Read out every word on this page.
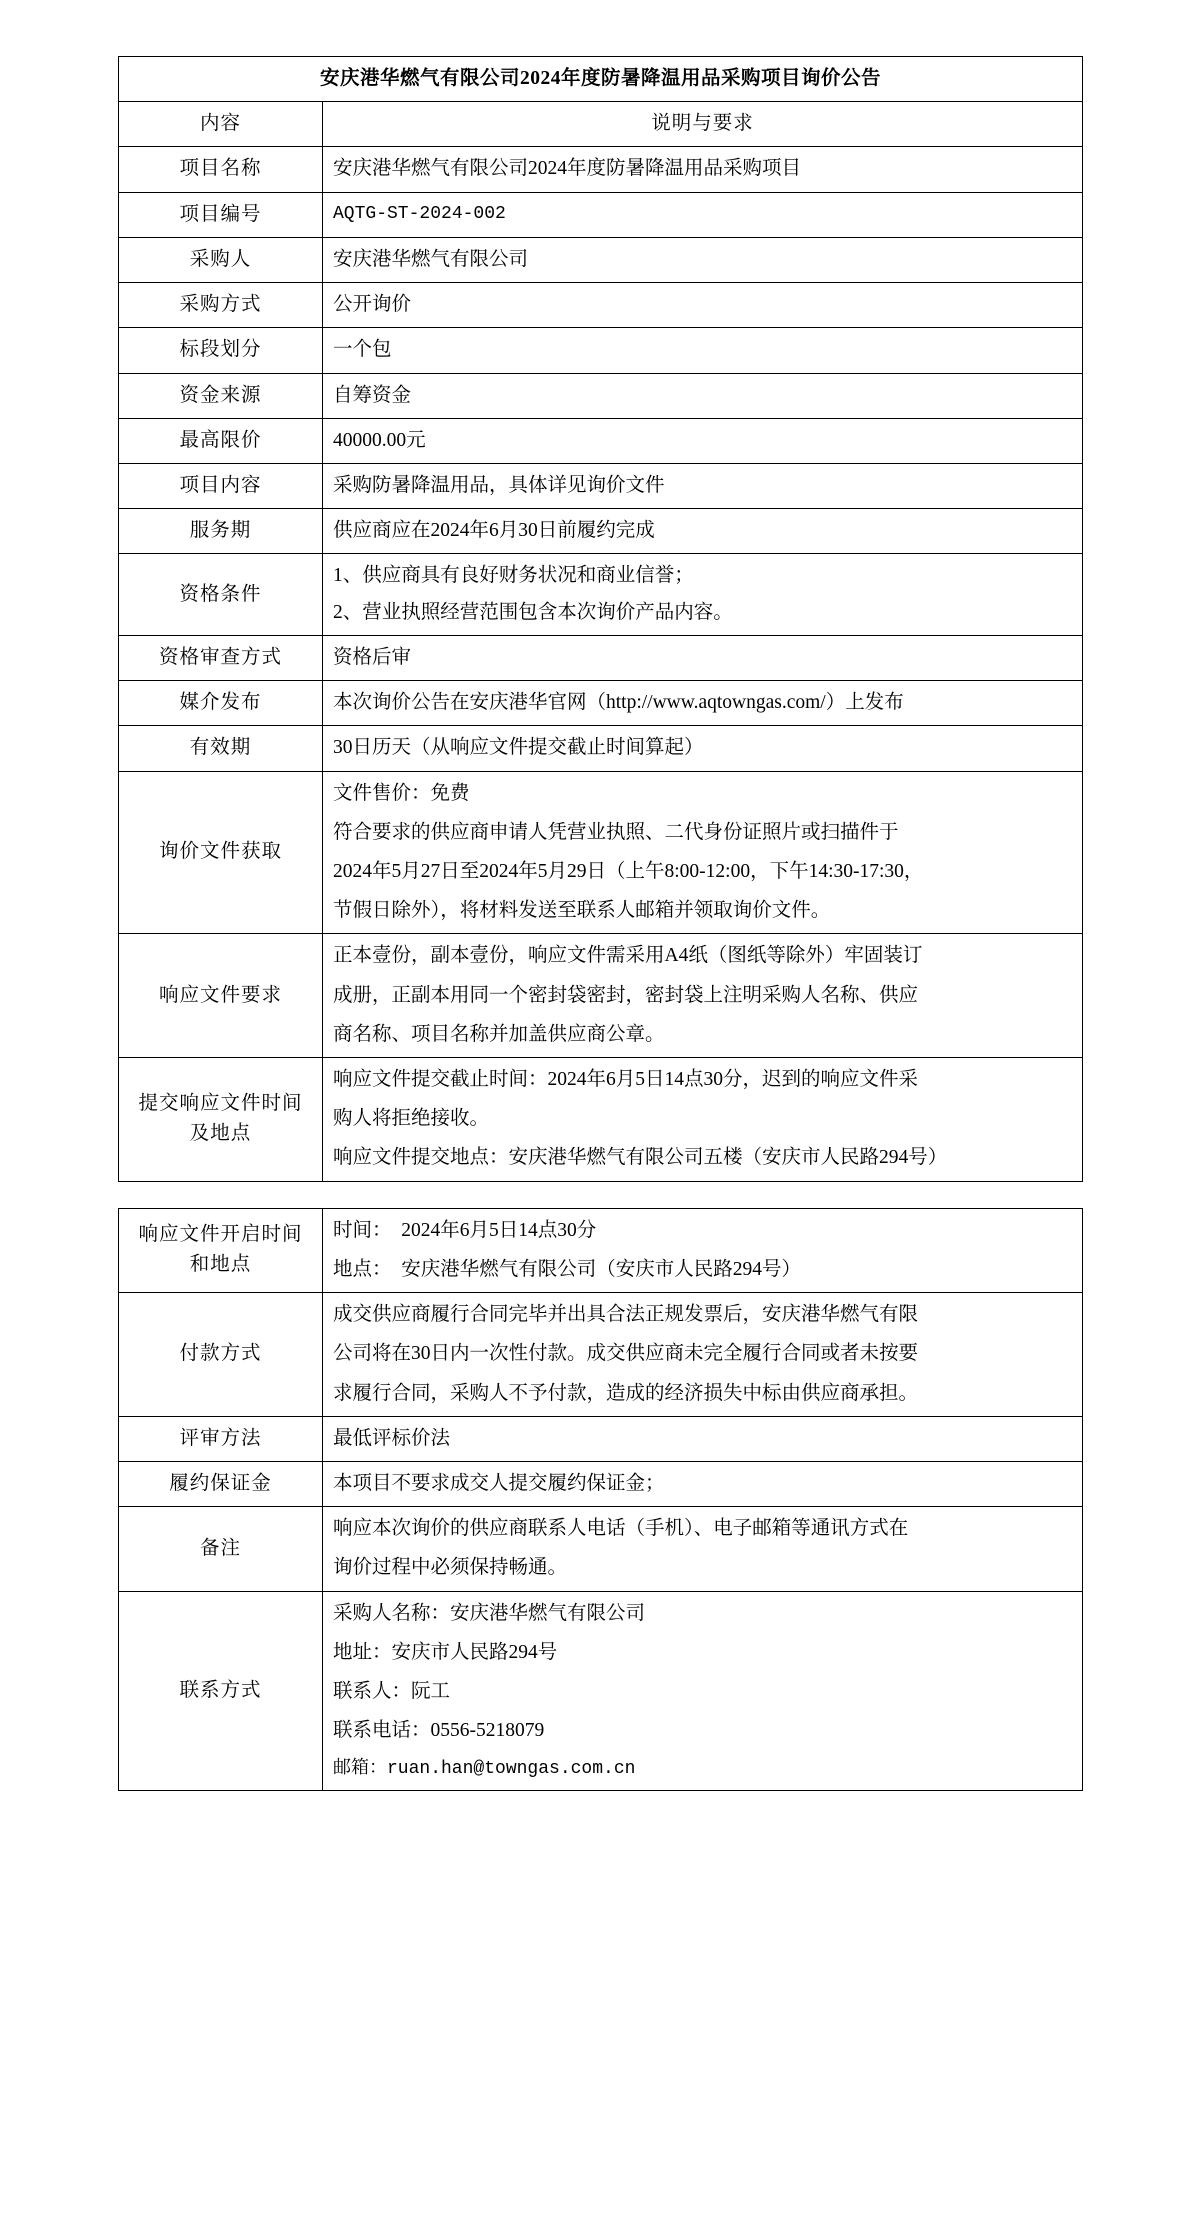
安庆港华燃气有限公司2024年度防暑降温用品采购项目询价公告	
内容	说明与要求
项目名称	安庆港华燃气有限公司2024年度防暑降温用品采购项目

项目编号	AQTG-ST-2024-002

采购人	安庆港华燃气有限公司

采购方式	公开询价

标段划分	一个包

资金来源	自筹资金

最高限价	40000.00元

项目内容	采购防暑降温用品，具体详见询价文件

服务期	供应商应在2024年6月30日前履约完成

资格条件	1、供应商具有良好财务状况和商业信誉；

2、营业执照经营范围包含本次询价产品内容。

资格审查方式	资格后审

媒介发布	本次询价公告在安庆港华官网（http://www.aqtowngas.com/）上发布

有效期	30日历天（从响应文件提交截止时间算起）

询价文件获取	文件售价：免费

符合要求的供应商申请人凭营业执照、二代身份证照片或扫描件于

2024年5月27日至2024年5月29日（上午8:00-12:00，下午14:30-17:30，

节假日除外），将材料发送至联系人邮箱并领取询价文件。

响应文件要求	正本壹份，副本壹份，响应文件需采用A4纸（图纸等除外）牢固装订

成册，正副本用同一个密封袋密封，密封袋上注明采购人名称、供应

商名称、项目名称并加盖供应商公章。

提交响应文件时间及地点	响应文件提交截止时间：2024年6月5日14点30分，迟到的响应文件采

购人将拒绝接收。

响应文件提交地点：安庆港华燃气有限公司五楼（安庆市人民路294号）

响应文件开启时间和地点	时间：　2024年6月5日14点30分

地点：　安庆港华燃气有限公司（安庆市人民路294号）

付款方式	成交供应商履行合同完毕并出具合法正规发票后，安庆港华燃气有限

公司将在30日内一次性付款。成交供应商未完全履行合同或者未按要

求履行合同，采购人不予付款，造成的经济损失中标由供应商承担。

评审方法	最低评标价法

履约保证金	本项目不要求成交人提交履约保证金；

备注	响应本次询价的供应商联系人电话（手机）、电子邮箱等通讯方式在

询价过程中必须保持畅通。

联系方式	采购人名称：安庆港华燃气有限公司

地址：安庆市人民路294号

联系人：阮工

联系电话：0556-5218079

邮箱：ruan.han@towngas.com.cn
